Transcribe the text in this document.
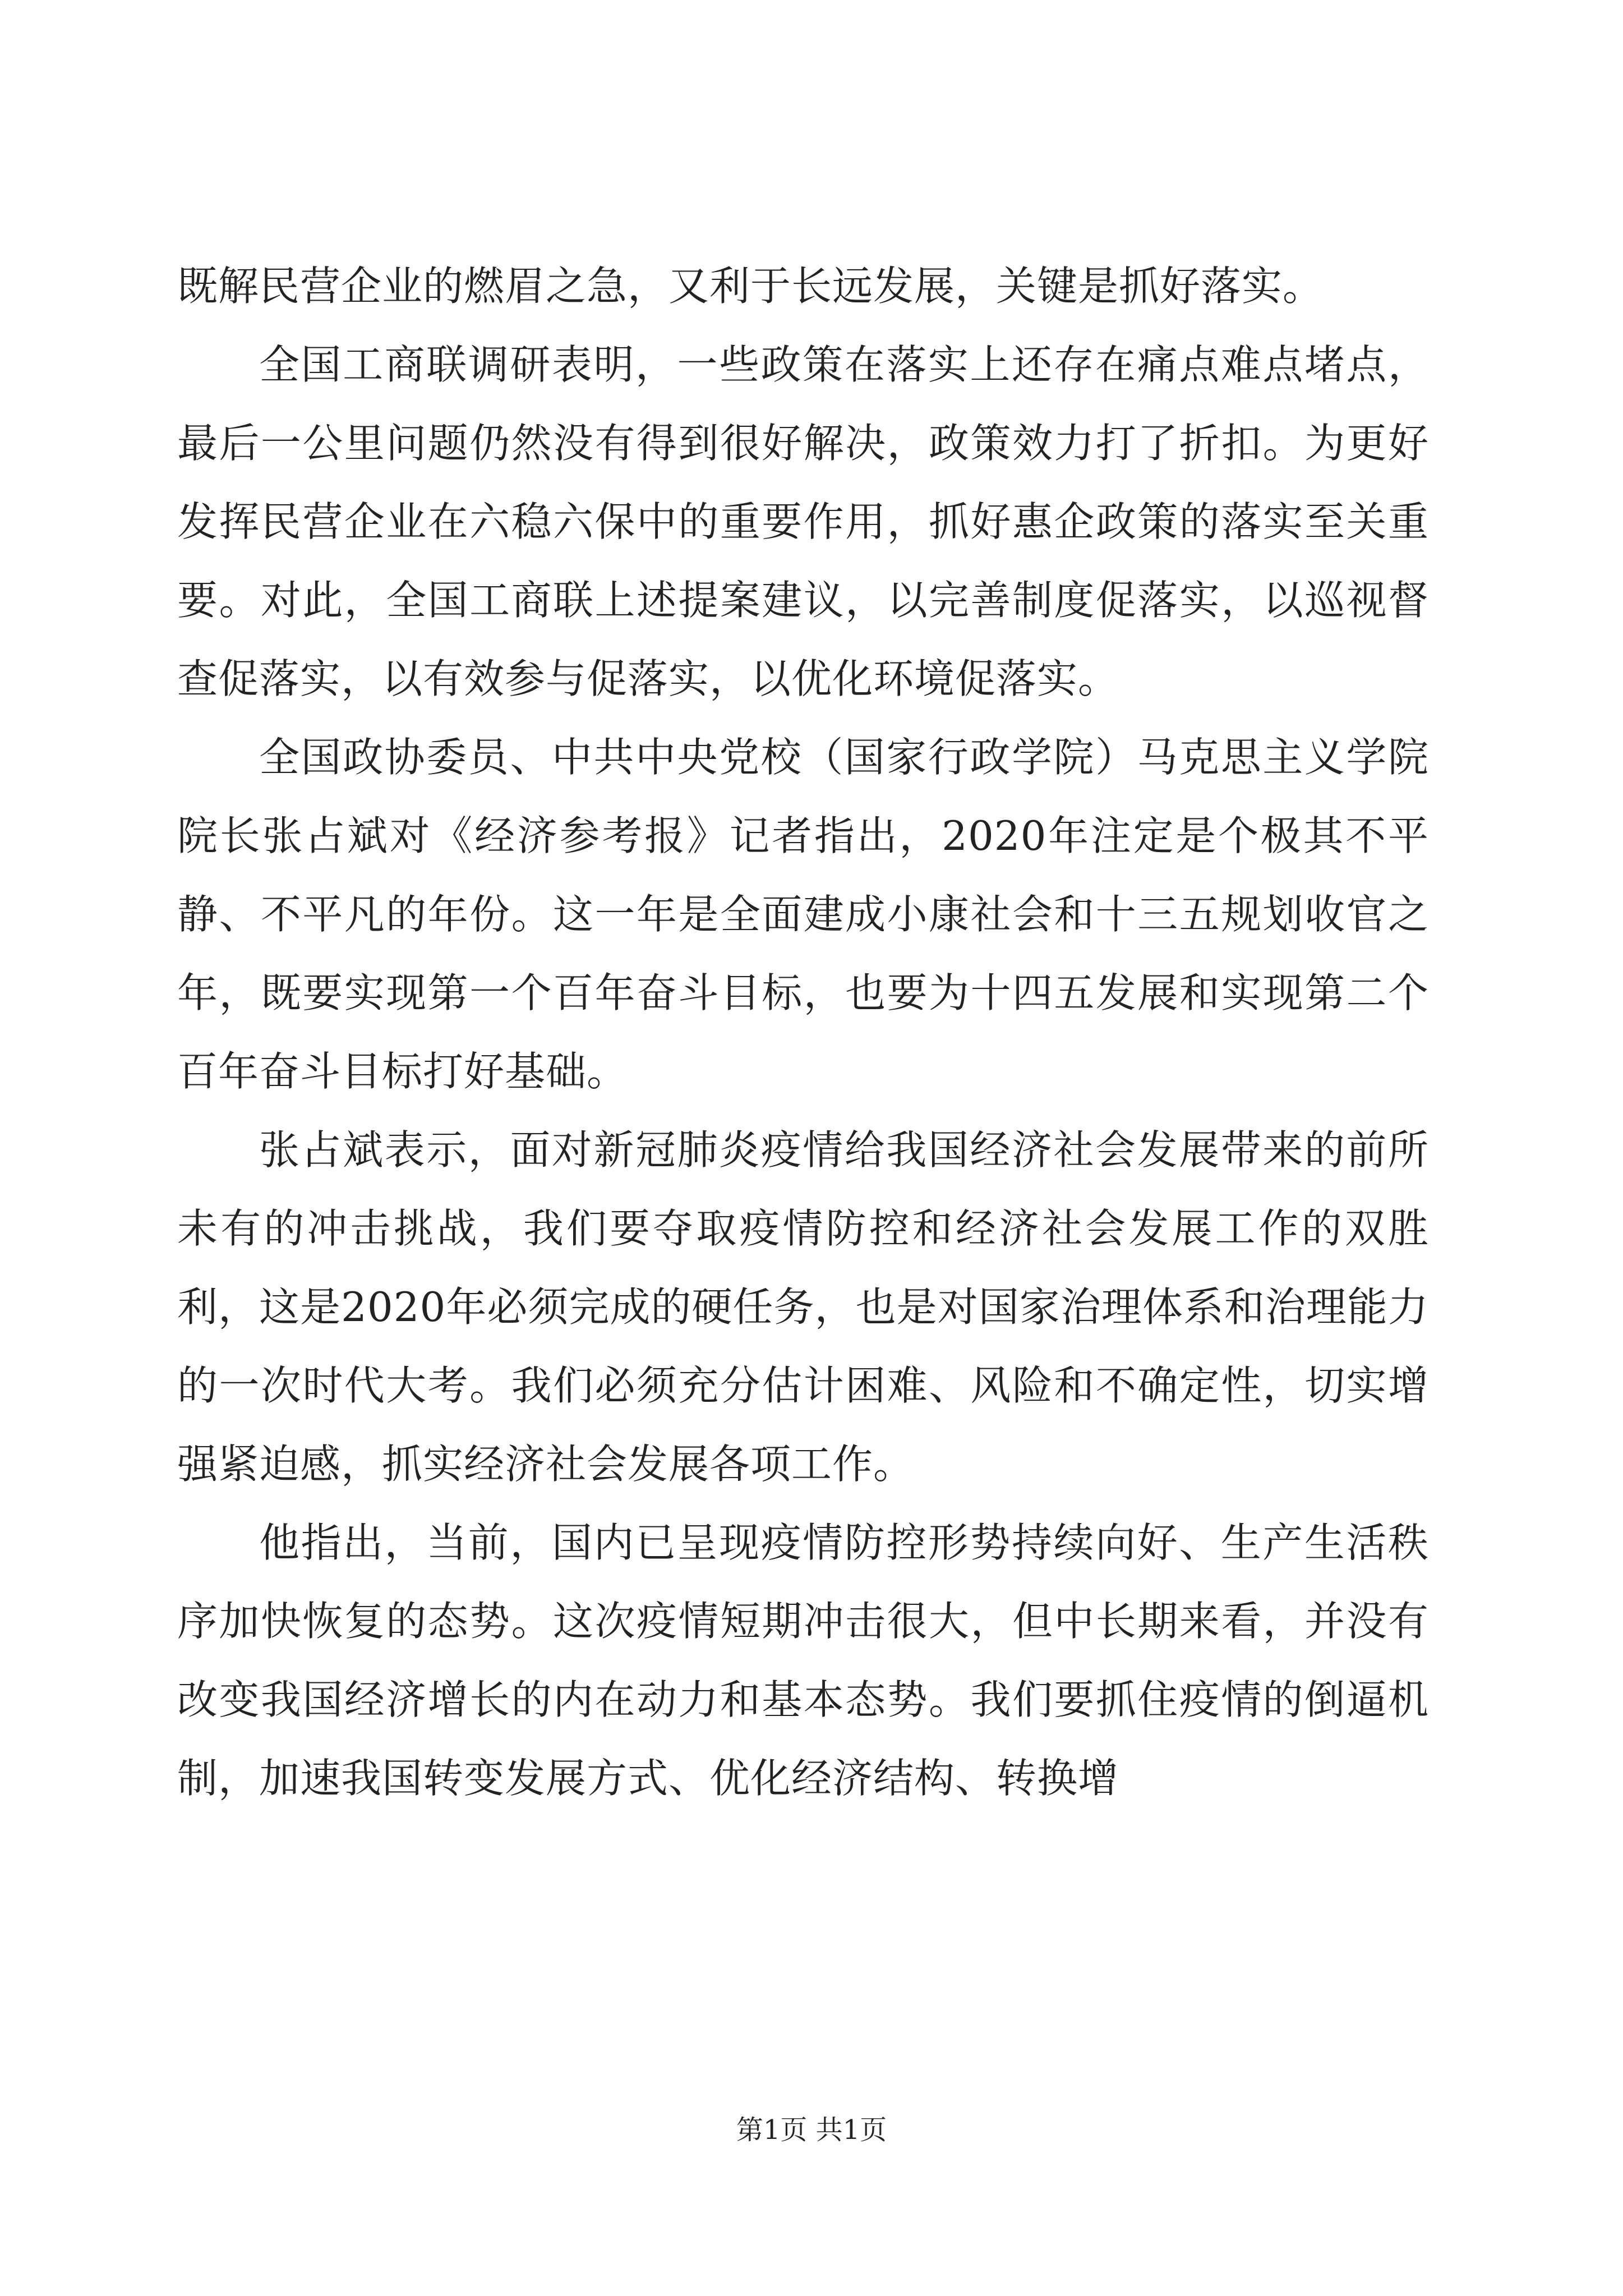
既解民营企业的燃眉之急，又利于长远发展，关键是抓好落实。

全国工商联调研表明，一些政策在落实上还存在痛点难点堵点，最后一公里问题仍然没有得到很好解决，政策效力打了折扣。为更好发挥民营企业在六稳六保中的重要作用，抓好惠企政策的落实至关重要。对此，全国工商联上述提案建议，以完善制度促落实，以巡视督查促落实，以有效参与促落实，以优化环境促落实。

全国政协委员、中共中央党校（国家行政学院）马克思主义学院院长张占斌对《经济参考报》记者指出，2020年注定是个极其不平静、不平凡的年份。这一年是全面建成小康社会和十三五规划收官之年，既要实现第一个百年奋斗目标，也要为十四五发展和实现第二个百年奋斗目标打好基础。

张占斌表示，面对新冠肺炎疫情给我国经济社会发展带来的前所未有的冲击挑战，我们要夺取疫情防控和经济社会发展工作的双胜利，这是2020年必须完成的硬任务，也是对国家治理体系和治理能力的一次时代大考。我们必须充分估计困难、风险和不确定性，切实增强紧迫感，抓实经济社会发展各项工作。

他指出，当前，国内已呈现疫情防控形势持续向好、生产生活秩序加快恢复的态势。这次疫情短期冲击很大，但中长期来看，并没有改变我国经济增长的内在动力和基本态势。我们要抓住疫情的倒逼机制，加速我国转变发展方式、优化经济结构、转换增

第1页 共1页
